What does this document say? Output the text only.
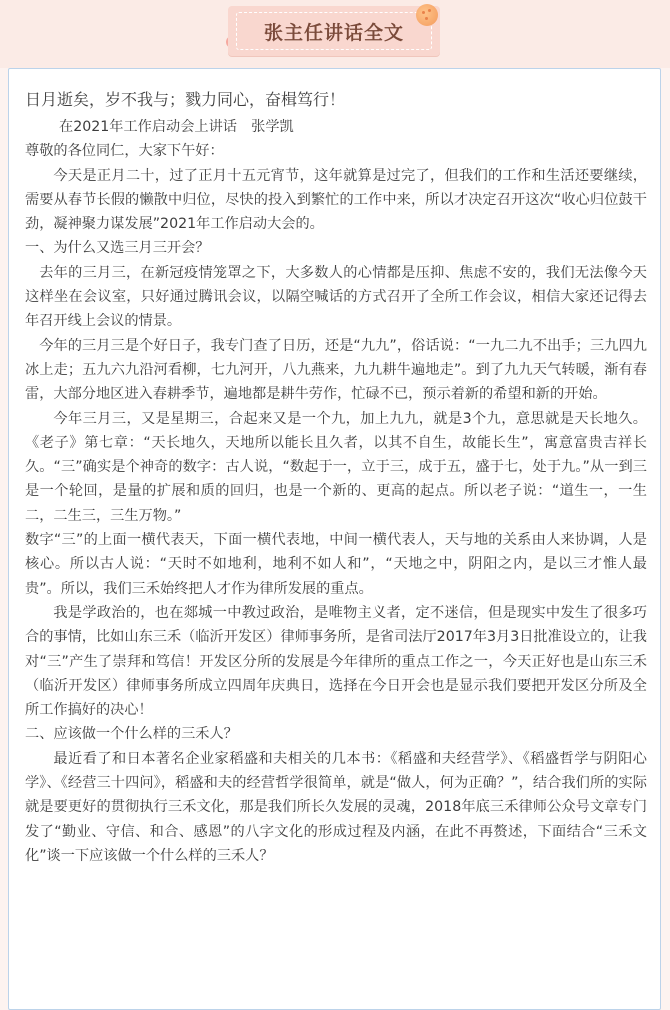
张主任讲话全文

日月逝矣，岁不我与；戮力同心，奋楫笃行！

在2021年工作启动会上讲话　张学凯

尊敬的各位同仁，大家下午好：

今天是正月二十，过了正月十五元宵节，这年就算是过完了，但我们的工作和生活还要继续，需要从春节长假的懒散中归位，尽快的投入到繁忙的工作中来，所以才决定召开这次“收心归位鼓干劲，凝神聚力谋发展”2021年工作启动大会的。

一、为什么又选三月三开会？

去年的三月三，在新冠疫情笼罩之下，大多数人的心情都是压抑、焦虑不安的，我们无法像今天这样坐在会议室，只好通过腾讯会议，以隔空喊话的方式召开了全所工作会议，相信大家还记得去年召开线上会议的情景。

今年的三月三是个好日子，我专门查了日历，还是“九九”，俗话说：“一九二九不出手；三九四九冰上走；五九六九沿河看柳，七九河开，八九燕来，九九耕牛遍地走”。到了九九天气转暖，渐有春雷，大部分地区进入春耕季节，遍地都是耕牛劳作，忙碌不已，预示着新的希望和新的开始。

今年三月三，又是星期三，合起来又是一个九，加上九九，就是3个九，意思就是天长地久。《老子》第七章：“天长地久，天地所以能长且久者，以其不自生，故能长生”，寓意富贵吉祥长久。“三”确实是个神奇的数字：古人说，“数起于一，立于三，成于五，盛于七，处于九。”从一到三是一个轮回，是量的扩展和质的回归，也是一个新的、更高的起点。所以老子说：“道生一，一生二，二生三，三生万物。”

数字“三”的上面一横代表天，下面一横代表地，中间一横代表人，天与地的关系由人来协调，人是核心。所以古人说：“天时不如地利，地利不如人和”，“天地之中，阴阳之内，是以三才惟人最贵”。所以，我们三禾始终把人才作为律所发展的重点。

我是学政治的，也在郯城一中教过政治，是唯物主义者，定不迷信，但是现实中发生了很多巧合的事情，比如山东三禾（临沂开发区）律师事务所，是省司法厅2017年3月3日批准设立的，让我对“三”产生了崇拜和笃信！开发区分所的发展是今年律所的重点工作之一，今天正好也是山东三禾（临沂开发区）律师事务所成立四周年庆典日，选择在今日开会也是显示我们要把开发区分所及全所工作搞好的决心！

二、应该做一个什么样的三禾人？

最近看了和日本著名企业家稻盛和夫相关的几本书：《稻盛和夫经营学》、《稻盛哲学与阴阳心学》、《经营三十四问》，稻盛和夫的经营哲学很简单，就是“做人，何为正确？”，结合我们所的实际就是要更好的贯彻执行三禾文化，那是我们所长久发展的灵魂，2018年底三禾律师公众号文章专门发了“勤业、守信、和合、感恩”的八字文化的形成过程及内涵，在此不再赘述，下面结合“三禾文化”谈一下应该做一个什么样的三禾人？
